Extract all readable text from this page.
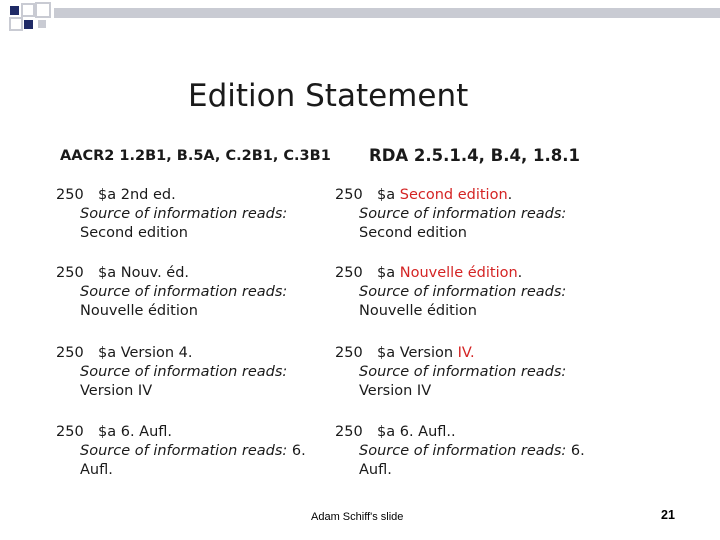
Edition Statement
AACR2 1.2B1, B.5A, C.2B1, C.3B1 RDA 2.5.1.4, B.4, 1.8.1
250 $a 2nd ed.
Source of information reads:
Second edition
250 $a Nouv. éd.
Source of information reads:
Nouvelle édition
250 $a Version 4.
Source of information reads:
Version IV
250 $a 6. Aufl.
Source of information reads: 6.
Aufl.
250 $a Second edition.
Source of information reads:
Second edition
250 $a Nouvelle édition.
Source of information reads:
Nouvelle édition
250 $a Version IV.
Source of information reads:
Version IV
250 $a 6. Aufl..
Source of information reads: 6.
Aufl.
Adam Schiff's slide	21
